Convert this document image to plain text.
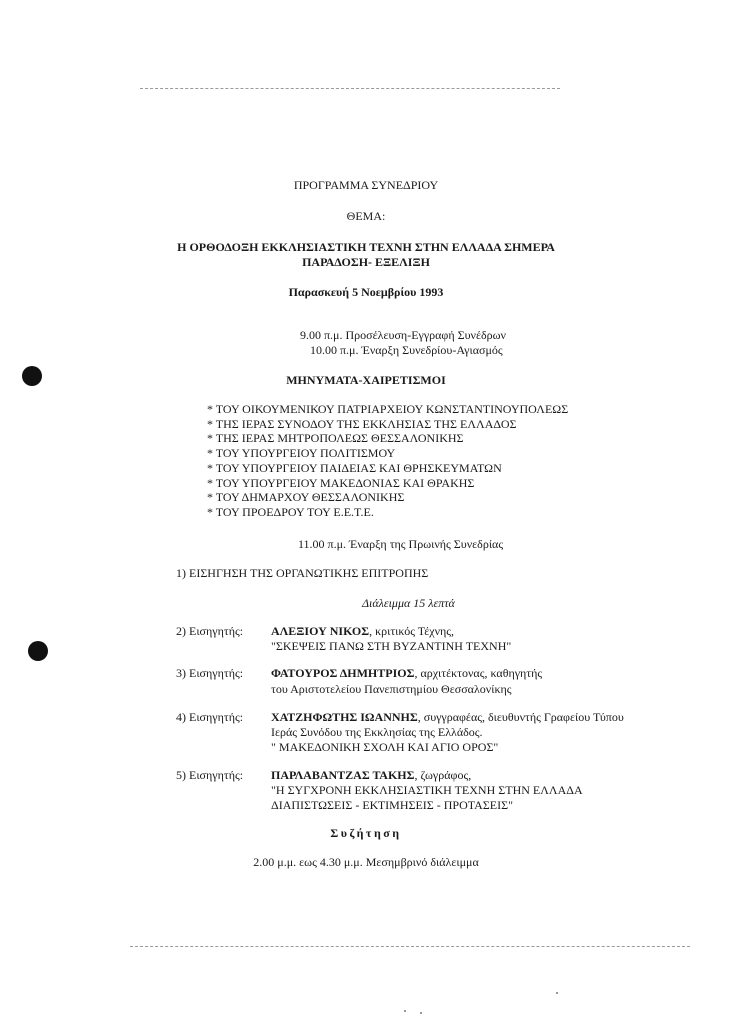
ΠΡΟΓΡΑΜΜΑ ΣΥΝΕΔΡΙΟΥ
ΘΕΜΑ:
Η ΟΡΘΟΔΟΞΗ ΕΚΚΛΗΣΙΑΣΤΙΚΗ ΤΕΧΝΗ ΣΤΗΝ ΕΛΛΑΔΑ ΣΗΜΕΡΑ
ΠΑΡΑΔΟΣΗ- ΕΞΕΛΙΞΗ
Παρασκευή 5 Νοεμβρίου 1993
9.00 π.μ. Προσέλευση-Εγγραφή Συνέδρων
10.00 π.μ. Έναρξη Συνεδρίου-Αγιασμός
ΜΗΝΥΜΑΤΑ-ΧΑΙΡΕΤΙΣΜΟΙ
* ΤΟΥ ΟΙΚΟΥΜΕΝΙΚΟΥ ΠΑΤΡΙΑΡΧΕΙΟΥ ΚΩΝΣΤΑΝΤΙΝΟΥΠΟΛΕΩΣ
* ΤΗΣ ΙΕΡΑΣ ΣΥΝΟΔΟΥ ΤΗΣ ΕΚΚΛΗΣΙΑΣ ΤΗΣ ΕΛΛΑΔΟΣ
* ΤΗΣ ΙΕΡΑΣ ΜΗΤΡΟΠΟΛΕΩΣ ΘΕΣΣΑΛΟΝΙΚΗΣ
* ΤΟΥ ΥΠΟΥΡΓΕΙΟΥ ΠΟΛΙΤΙΣΜΟΥ
* ΤΟΥ ΥΠΟΥΡΓΕΙΟΥ ΠΑΙΔΕΙΑΣ ΚΑΙ ΘΡΗΣΚΕΥΜΑΤΩΝ
* ΤΟΥ ΥΠΟΥΡΓΕΙΟΥ ΜΑΚΕΔΟΝΙΑΣ ΚΑΙ ΘΡΑΚΗΣ
* ΤΟΥ ΔΗΜΑΡΧΟΥ ΘΕΣΣΑΛΟΝΙΚΗΣ
* ΤΟΥ ΠΡΟΕΔΡΟΥ ΤΟΥ Ε.Ε.Τ.Ε.
11.00 π.μ. Έναρξη της Πρωινής Συνεδρίας
1) ΕΙΣΗΓΗΣΗ ΤΗΣ ΟΡΓΑΝΩΤΙΚΗΣ ΕΠΙΤΡΟΠΗΣ
Διάλειμμα 15 λεπτά
2) Εισηγητής: ΑΛΕΞΙΟΥ ΝΙΚΟΣ, κριτικός Τέχνης,
"ΣΚΕΨΕΙΣ ΠΑΝΩ ΣΤΗ ΒΥΖΑΝΤΙΝΗ ΤΕΧΝΗ"
3) Εισηγητής: ΦΑΤΟΥΡΟΣ ΔΗΜΗΤΡΙΟΣ, αρχιτέκτονας, καθηγητής
του Αριστοτελείου Πανεπιστημίου Θεσσαλονίκης
4) Εισηγητής: ΧΑΤΖΗΦΩΤΗΣ ΙΩΑΝΝΗΣ, συγγραφέας, διευθυντής Γραφείου Τύπου
Ιεράς Συνόδου της Εκκλησίας της Ελλάδος.
" ΜΑΚΕΔΟΝΙΚΗ ΣΧΟΛΗ ΚΑΙ ΑΓΙΟ ΟΡΟΣ"
5) Εισηγητής: ΠΑΡΛΑΒΑΝΤΖΑΣ ΤΑΚΗΣ, ζωγράφος,
"Η ΣΥΓΧΡΟΝΗ ΕΚΚΛΗΣΙΑΣΤΙΚΗ ΤΕΧΝΗ ΣΤΗΝ ΕΛΛΑΔΑ
ΔΙΑΠΙΣΤΩΣΕΙΣ - ΕΚΤΙΜΗΣΕΙΣ - ΠΡΟΤΑΣΕΙΣ"
Συζήτηση
2.00 μ.μ. εως 4.30 μ.μ. Μεσημβρινό διάλειμμα
